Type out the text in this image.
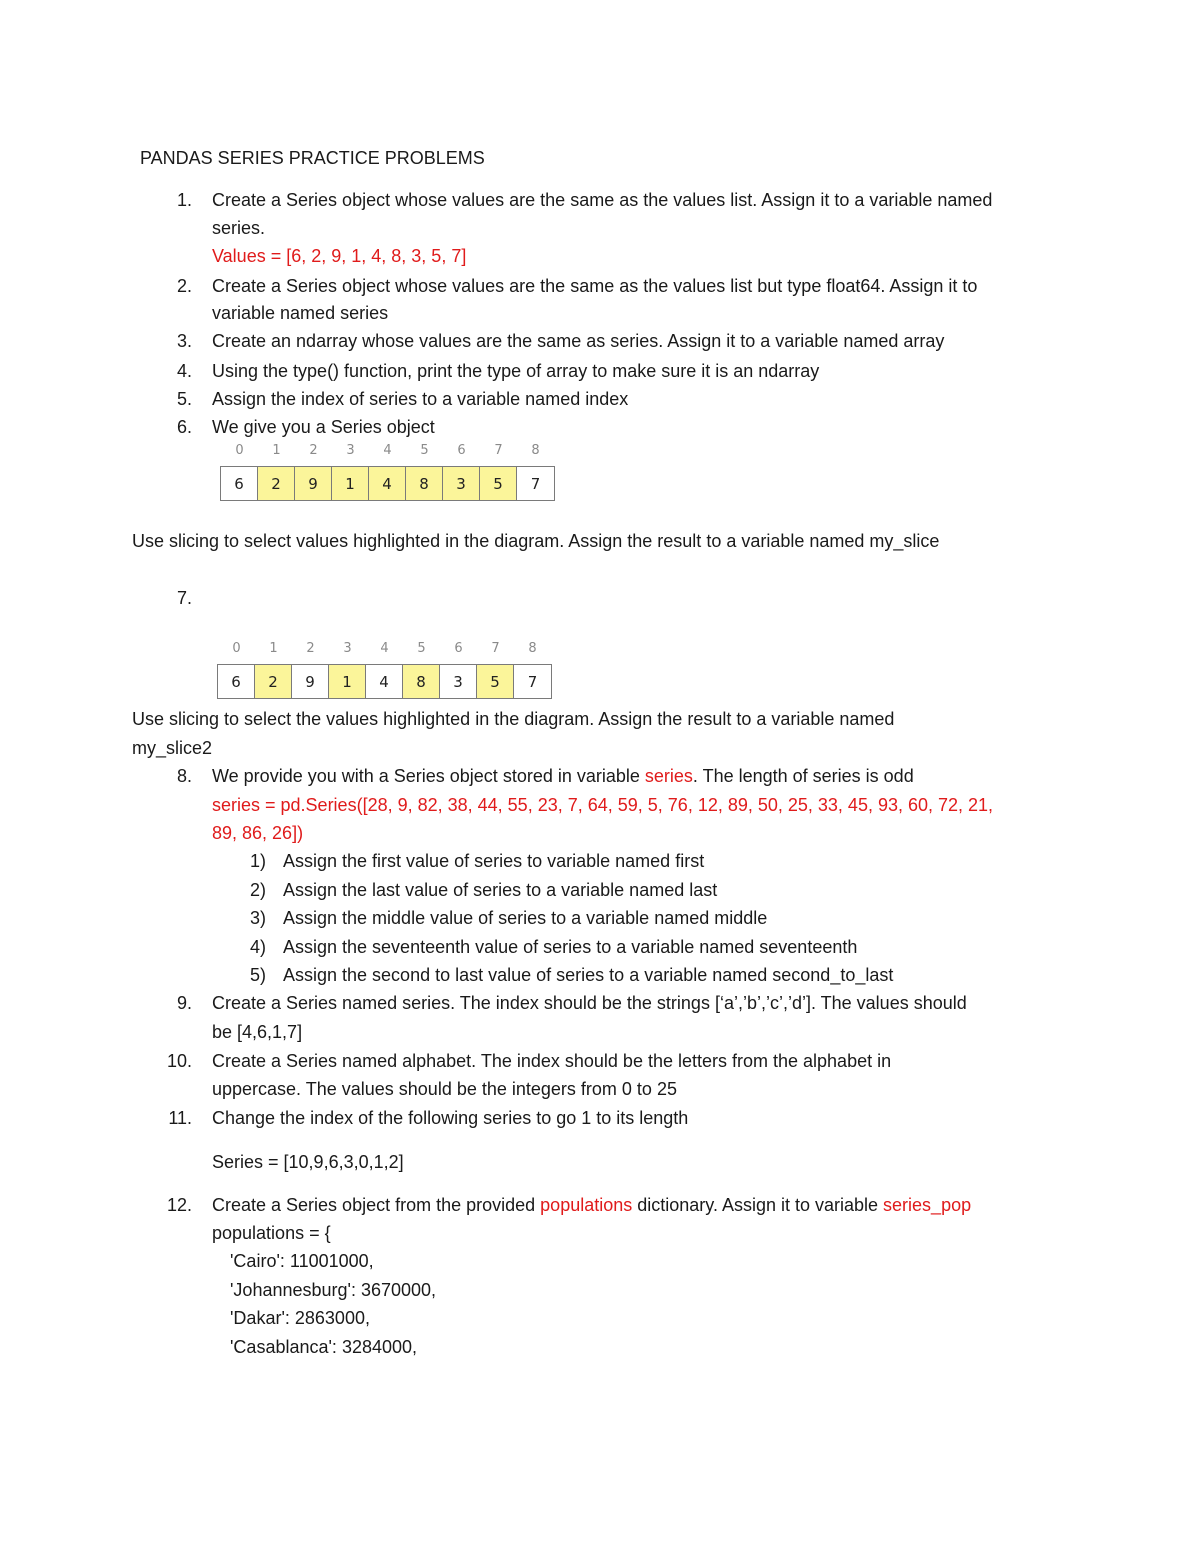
PANDAS SERIES PRACTICE PROBLEMS
1. Create a Series object whose values are the same as the values list. Assign it to a variable named
series.
Values = [6, 2, 9, 1, 4, 8, 3, 5, 7]
2. Create a Series object whose values are the same as the values list but type float64. Assign it to
variable named series
3. Create an ndarray whose values are the same as series. Assign it to a variable named array
4. Using the type() function, print the type of array to make sure it is an ndarray
5. Assign the index of series to a variable named index
6. We give you a Series object
0	1	2	3	4	5	6	7	8
6	2	9	1	4	8	3	5	7
Use slicing to select values highlighted in the diagram. Assign the result to a variable named my_slice
7.
0	1	2	3	4	5	6	7	8
6	2	9	1	4	8	3	5	7
Use slicing to select the values highlighted in the diagram. Assign the result to a variable named
my_slice2
8. We provide you with a Series object stored in variable series. The length of series is odd
series = pd.Series([28, 9, 82, 38, 44, 55, 23, 7, 64, 59, 5, 76, 12, 89, 50, 25, 33, 45, 93, 60, 72, 21,
89, 86, 26])
1) Assign the first value of series to variable named first
2) Assign the last value of series to a variable named last
3) Assign the middle value of series to a variable named middle
4) Assign the seventeenth value of series to a variable named seventeenth
5) Assign the second to last value of series to a variable named second_to_last
9. Create a Series named series. The index should be the strings [‘a’,’b’,’c’,’d’]. The values should
be [4,6,1,7]
10. Create a Series named alphabet. The index should be the letters from the alphabet in
uppercase. The values should be the integers from 0 to 25
11. Change the index of the following series to go 1 to its length
Series = [10,9,6,3,0,1,2]
12. Create a Series object from the provided populations dictionary. Assign it to variable series_pop
populations = {
'Cairo': 11001000,
'Johannesburg': 3670000,
'Dakar': 2863000,
'Casablanca': 3284000,
